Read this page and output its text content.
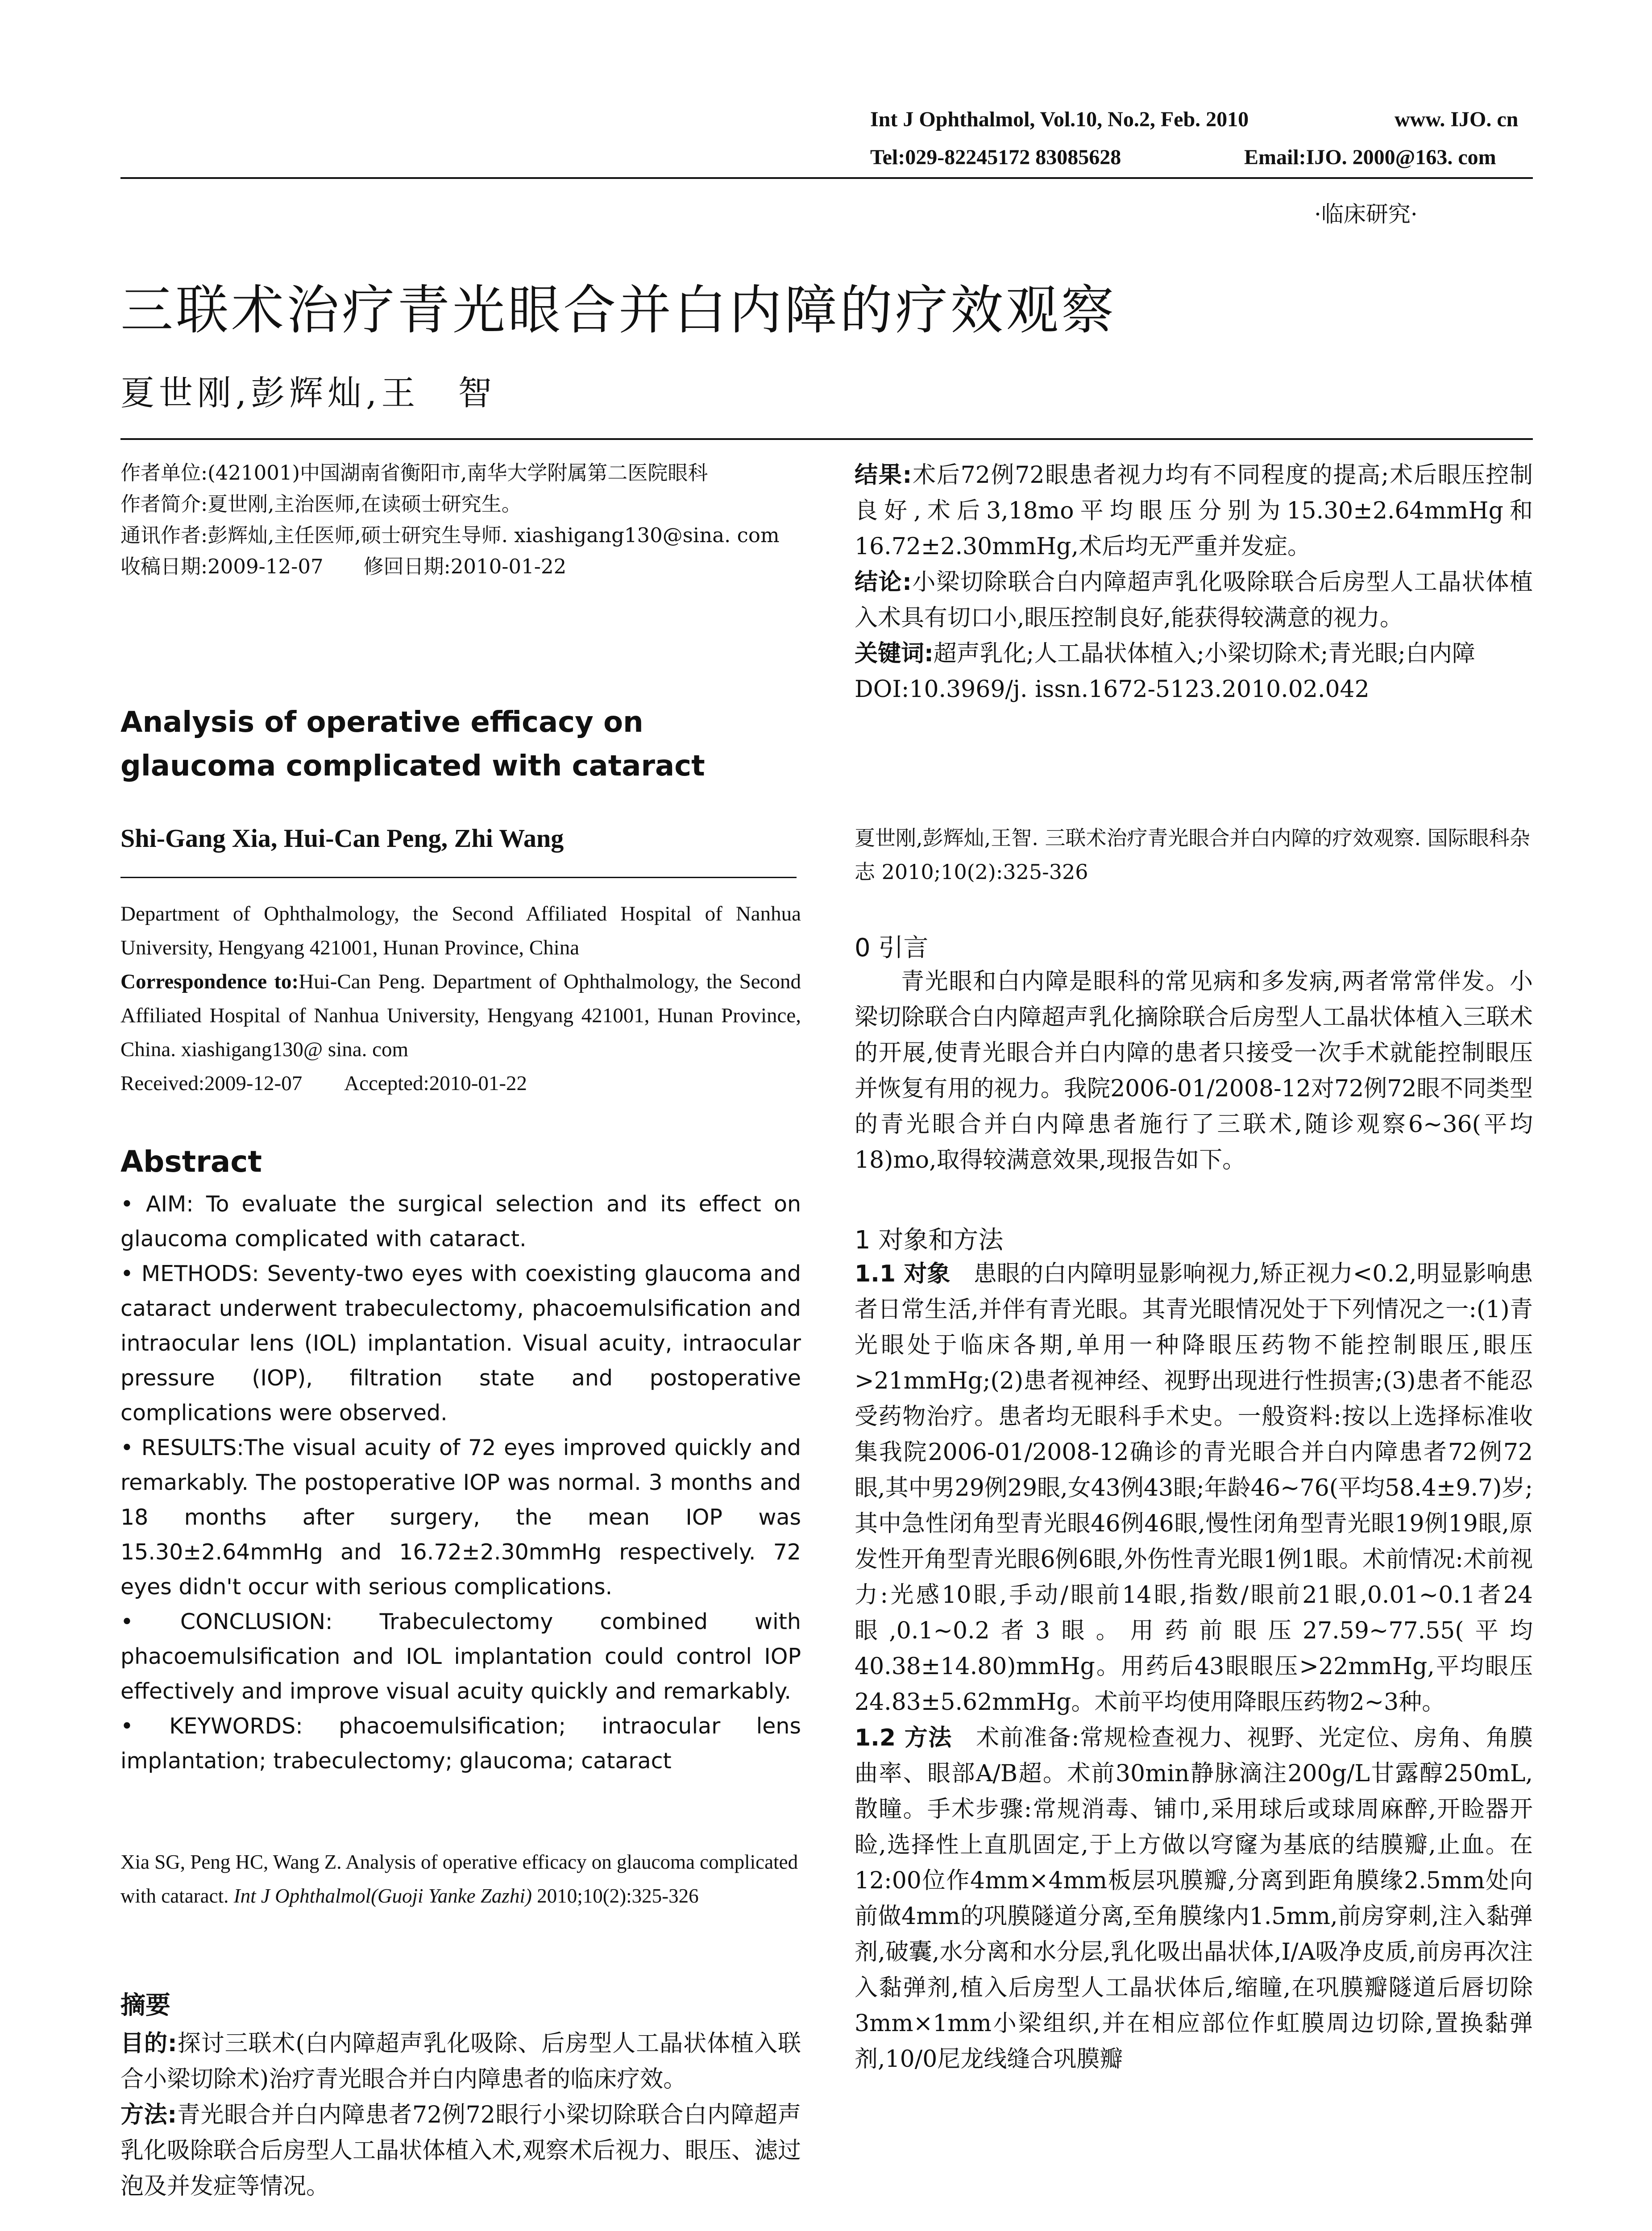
Int J Ophthalmol, Vol.10, No.2, Feb. 2010	www. IJO. cn
Tel:029-82245172 83085628	Email:IJO. 2000@163. com
·临床研究·
三联术治疗青光眼合并白内障的疗效观察
夏世刚,彭辉灿,王　智

作者单位:(421001)中国湖南省衡阳市,南华大学附属第二医院眼科

作者简介:夏世刚,主治医师,在读硕士研究生。

通讯作者:彭辉灿,主任医师,硕士研究生导师. xiashigang130@sina. com

收稿日期:2009-12-07　　修回日期:2010-01-22

Analysis of operative efficacy on glaucoma complicated with cataract
Shi-Gang Xia, Hui-Can Peng, Zhi Wang

Department of Ophthalmology, the Second Affiliated Hospital of Nanhua University, Hengyang 421001, Hunan Province, China

Correspondence to:Hui-Can Peng. Department of Ophthalmology, the Second Affiliated Hospital of Nanhua University, Hengyang 421001, Hunan Province, China. xiashigang130@ sina. com

Received:2009-12-07　　Accepted:2010-01-22

Abstract

• AIM: To evaluate the surgical selection and its effect on glaucoma complicated with cataract.

• METHODS: Seventy-two eyes with coexisting glaucoma and cataract underwent trabeculectomy, phacoemulsification and intraocular lens (IOL) implantation. Visual acuity, intraocular pressure (IOP), filtration state and postoperative complications were observed.

• RESULTS:The visual acuity of 72 eyes improved quickly and remarkably. The postoperative IOP was normal. 3 months and 18 months after surgery, the mean IOP was 15.30±2.64mmHg and 16.72±2.30mmHg respectively. 72 eyes didn't occur with serious complications.

• CONCLUSION: Trabeculectomy combined with phacoemulsification and IOL implantation could control IOP effectively and improve visual acuity quickly and remarkably.

• KEYWORDS: phacoemulsification; intraocular lens implantation; trabeculectomy; glaucoma; cataract

Xia SG, Peng HC, Wang Z. Analysis of operative efficacy on glaucoma complicated with cataract. Int J Ophthalmol(Guoji Yanke Zazhi) 2010;10(2):325-326

摘要

目的:探讨三联术(白内障超声乳化吸除、后房型人工晶状体植入联合小梁切除术)治疗青光眼合并白内障患者的临床疗效。

方法:青光眼合并白内障患者72例72眼行小梁切除联合白内障超声乳化吸除联合后房型人工晶状体植入术,观察术后视力、眼压、滤过泡及并发症等情况。

结果:术后72例72眼患者视力均有不同程度的提高;术后眼压控制良好,术后3,18mo平均眼压分别为15.30±2.64mmHg和16.72±2.30mmHg,术后均无严重并发症。

结论:小梁切除联合白内障超声乳化吸除联合后房型人工晶状体植入术具有切口小,眼压控制良好,能获得较满意的视力。

关键词:超声乳化;人工晶状体植入;小梁切除术;青光眼;白内障

DOI:10.3969/j. issn.1672-5123.2010.02.042

夏世刚,彭辉灿,王智. 三联术治疗青光眼合并白内障的疗效观察. 国际眼科杂志 2010;10(2):325-326
0 引言

青光眼和白内障是眼科的常见病和多发病,两者常常伴发。小梁切除联合白内障超声乳化摘除联合后房型人工晶状体植入三联术的开展,使青光眼合并白内障的患者只接受一次手术就能控制眼压并恢复有用的视力。我院2006-01/2008-12对72例72眼不同类型的青光眼合并白内障患者施行了三联术,随诊观察6~36(平均18)mo,取得较满意效果,现报告如下。

1 对象和方法

1.1 对象　 患眼的白内障明显影响视力,矫正视力<0.2,明显影响患者日常生活,并伴有青光眼。其青光眼情况处于下列情况之一:(1)青光眼处于临床各期,单用一种降眼压药物不能控制眼压,眼压>21mmHg;(2)患者视神经、视野出现进行性损害;(3)患者不能忍受药物治疗。患者均无眼科手术史。一般资料:按以上选择标准收集我院2006-01/2008-12确诊的青光眼合并白内障患者72例72眼,其中男29例29眼,女43例43眼;年龄46~76(平均58.4±9.7)岁;其中急性闭角型青光眼46例46眼,慢性闭角型青光眼19例19眼,原发性开角型青光眼6例6眼,外伤性青光眼1例1眼。术前情况:术前视力:光感10眼,手动/眼前14眼,指数/眼前21眼,0.01~0.1者24眼,0.1~0.2者3眼。用药前眼压27.59~77.55(平均40.38±14.80)mmHg。用药后43眼眼压>22mmHg,平均眼压24.83±5.62mmHg。术前平均使用降眼压药物2~3种。

1.2 方法　 术前准备:常规检查视力、视野、光定位、房角、角膜曲率、眼部A/B超。术前30min静脉滴注200g/L甘露醇250mL,散瞳。手术步骤:常规消毒、铺巾,采用球后或球周麻醉,开睑器开睑,选择性上直肌固定,于上方做以穹窿为基底的结膜瓣,止血。在12:00位作4mm×4mm板层巩膜瓣,分离到距角膜缘2.5mm处向前做4mm的巩膜隧道分离,至角膜缘内1.5mm,前房穿刺,注入黏弹剂,破囊,水分离和水分层,乳化吸出晶状体,I/A吸净皮质,前房再次注入黏弹剂,植入后房型人工晶状体后,缩瞳,在巩膜瓣隧道后唇切除3mm×1mm小梁组织,并在相应部位作虹膜周边切除,置换黏弹剂,10/0尼龙线缝合巩膜瓣
